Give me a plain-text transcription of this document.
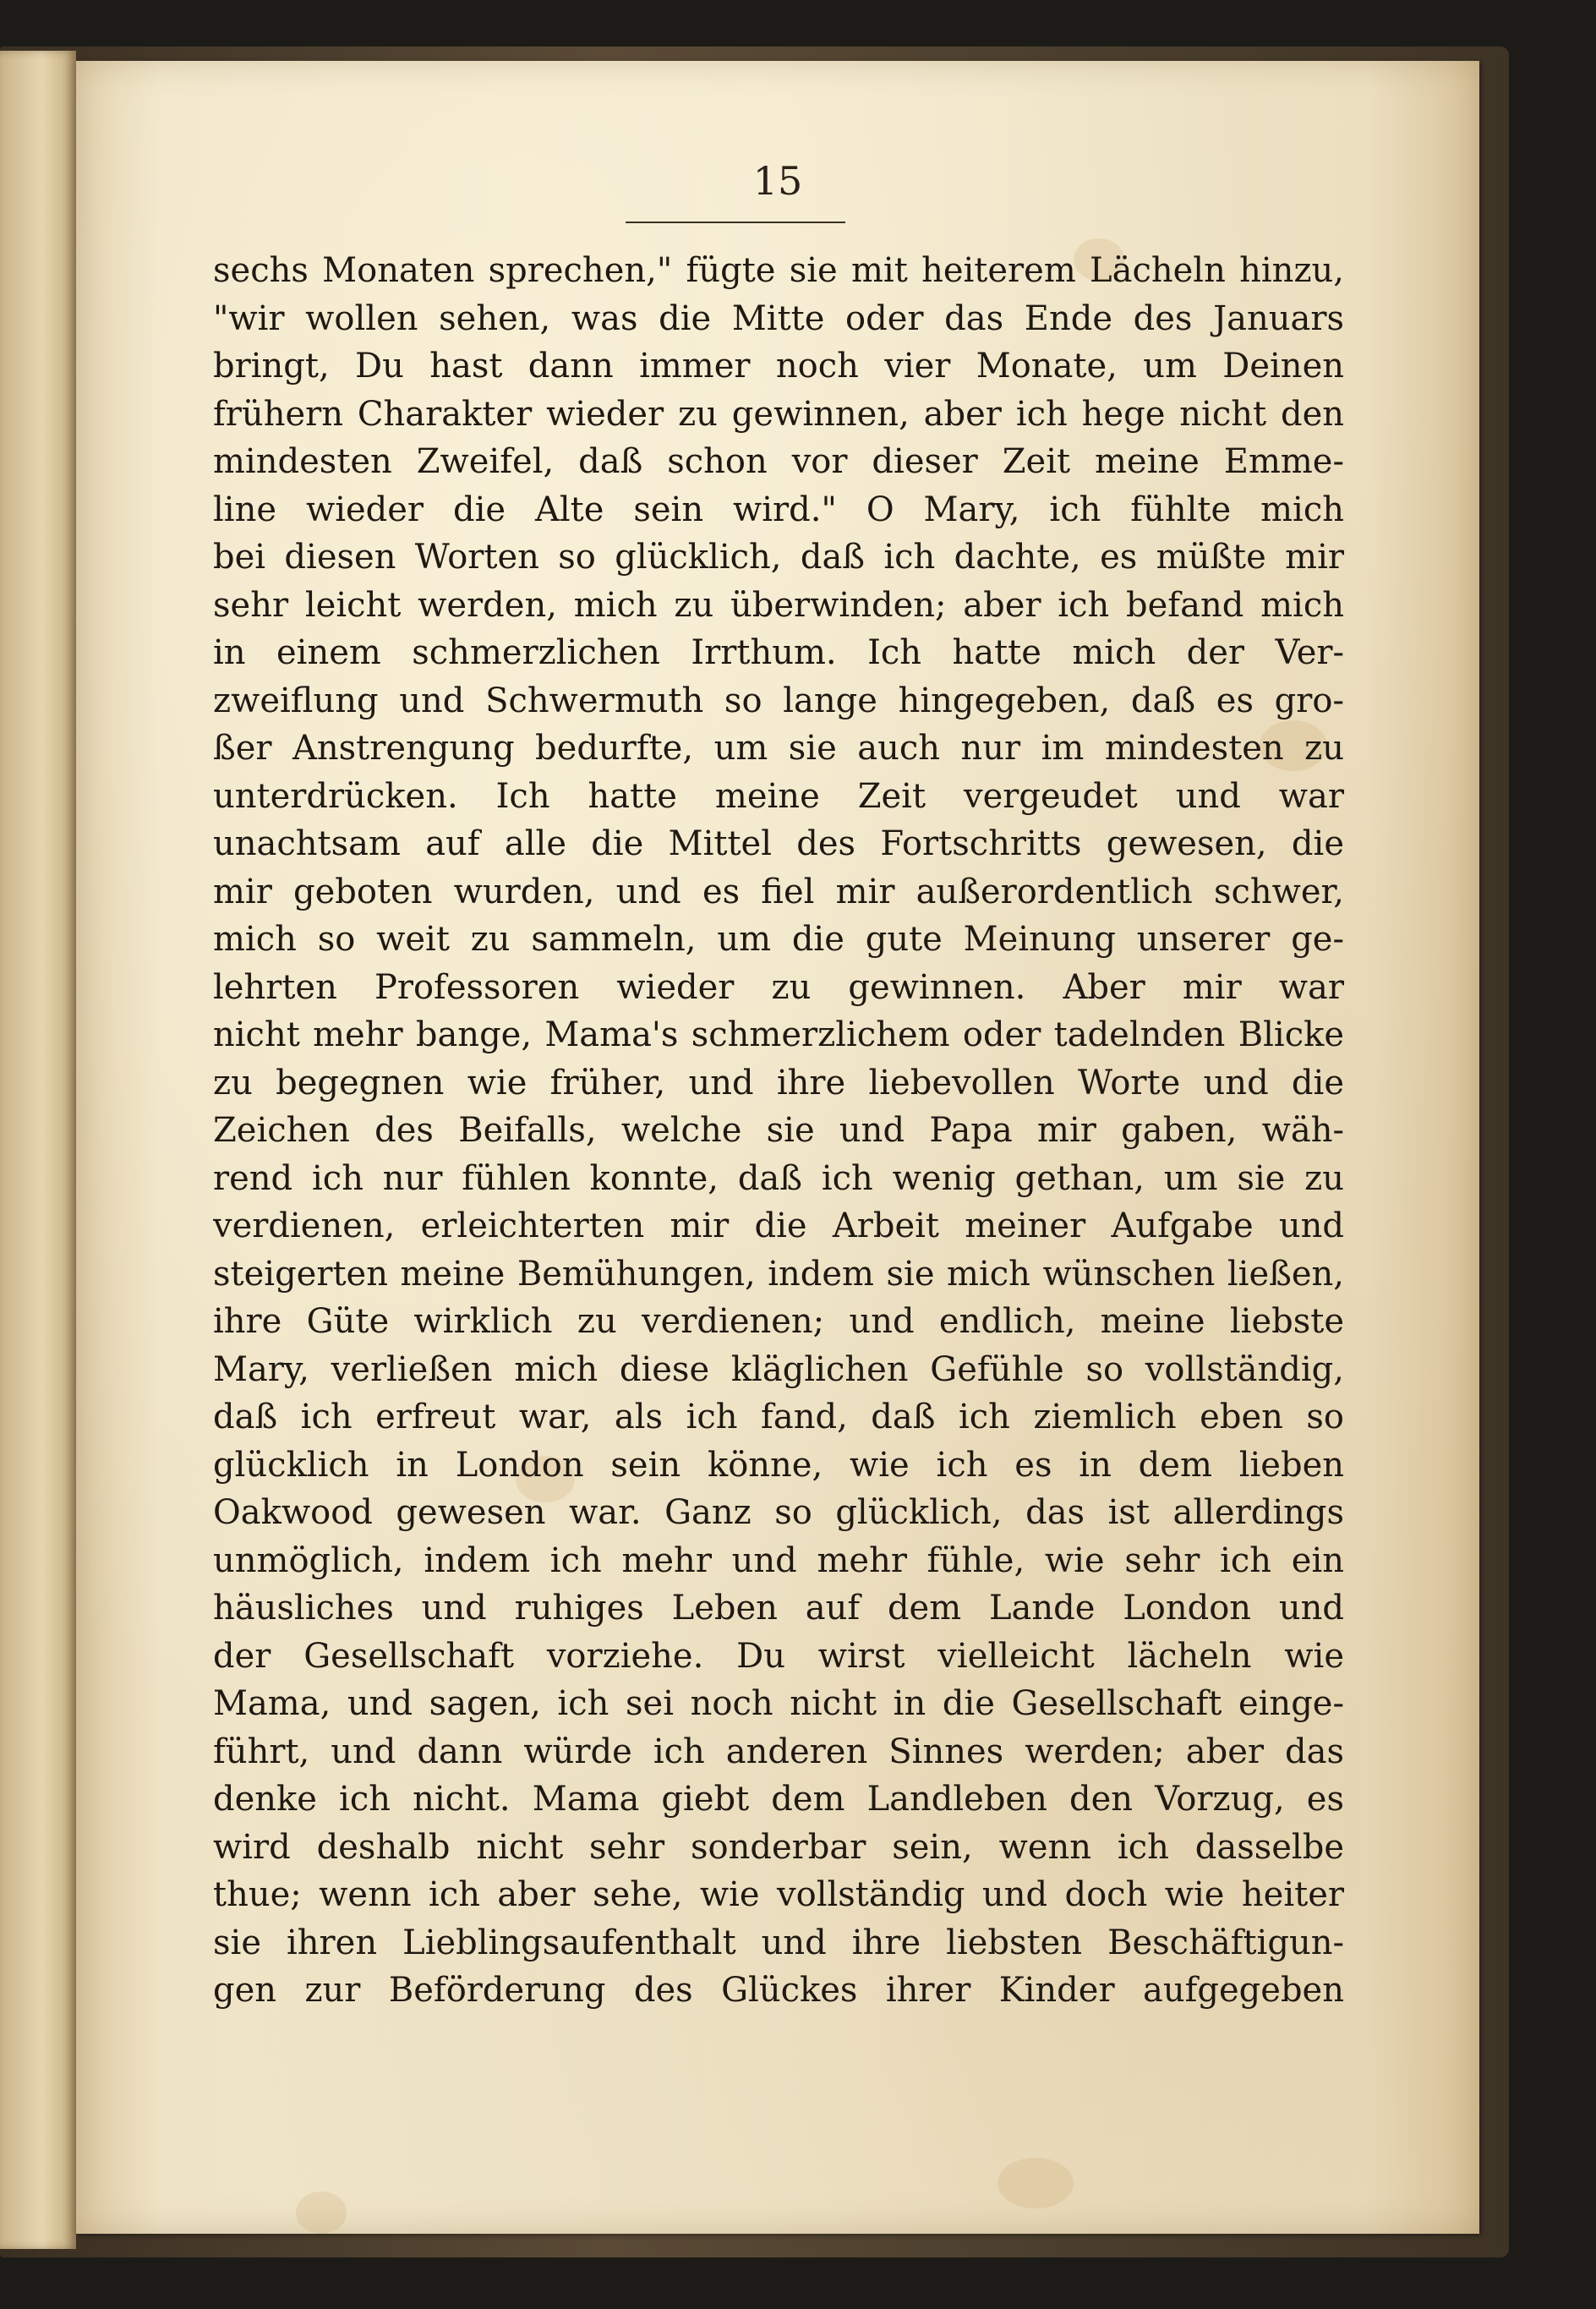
15
sechs Monaten sprechen," fügte sie mit heiterem Lächeln hinzu,
"wir wollen sehen, was die Mitte oder das Ende des Januars
bringt, Du hast dann immer noch vier Monate, um Deinen
frühern Charakter wieder zu gewinnen, aber ich hege nicht den
mindesten Zweifel, daß schon vor dieser Zeit meine Emme-
line wieder die Alte sein wird." O Mary, ich fühlte mich
bei diesen Worten so glücklich, daß ich dachte, es müßte mir
sehr leicht werden, mich zu überwinden; aber ich befand mich
in einem schmerzlichen Irrthum. Ich hatte mich der Ver-
zweiflung und Schwermuth so lange hingegeben, daß es gro-
ßer Anstrengung bedurfte, um sie auch nur im mindesten zu
unterdrücken. Ich hatte meine Zeit vergeudet und war
unachtsam auf alle die Mittel des Fortschritts gewesen, die
mir geboten wurden, und es fiel mir außerordentlich schwer,
mich so weit zu sammeln, um die gute Meinung unserer ge-
lehrten Professoren wieder zu gewinnen. Aber mir war
nicht mehr bange, Mama's schmerzlichem oder tadelnden Blicke
zu begegnen wie früher, und ihre liebevollen Worte und die
Zeichen des Beifalls, welche sie und Papa mir gaben, wäh-
rend ich nur fühlen konnte, daß ich wenig gethan, um sie zu
verdienen, erleichterten mir die Arbeit meiner Aufgabe und
steigerten meine Bemühungen, indem sie mich wünschen ließen,
ihre Güte wirklich zu verdienen; und endlich, meine liebste
Mary, verließen mich diese kläglichen Gefühle so vollständig,
daß ich erfreut war, als ich fand, daß ich ziemlich eben so
glücklich in London sein könne, wie ich es in dem lieben
Oakwood gewesen war. Ganz so glücklich, das ist allerdings
unmöglich, indem ich mehr und mehr fühle, wie sehr ich ein
häusliches und ruhiges Leben auf dem Lande London und
der Gesellschaft vorziehe. Du wirst vielleicht lächeln wie
Mama, und sagen, ich sei noch nicht in die Gesellschaft einge-
führt, und dann würde ich anderen Sinnes werden; aber das
denke ich nicht. Mama giebt dem Landleben den Vorzug, es
wird deshalb nicht sehr sonderbar sein, wenn ich dasselbe
thue; wenn ich aber sehe, wie vollständig und doch wie heiter
sie ihren Lieblingsaufenthalt und ihre liebsten Beschäftigun-
gen zur Beförderung des Glückes ihrer Kinder aufgegeben
